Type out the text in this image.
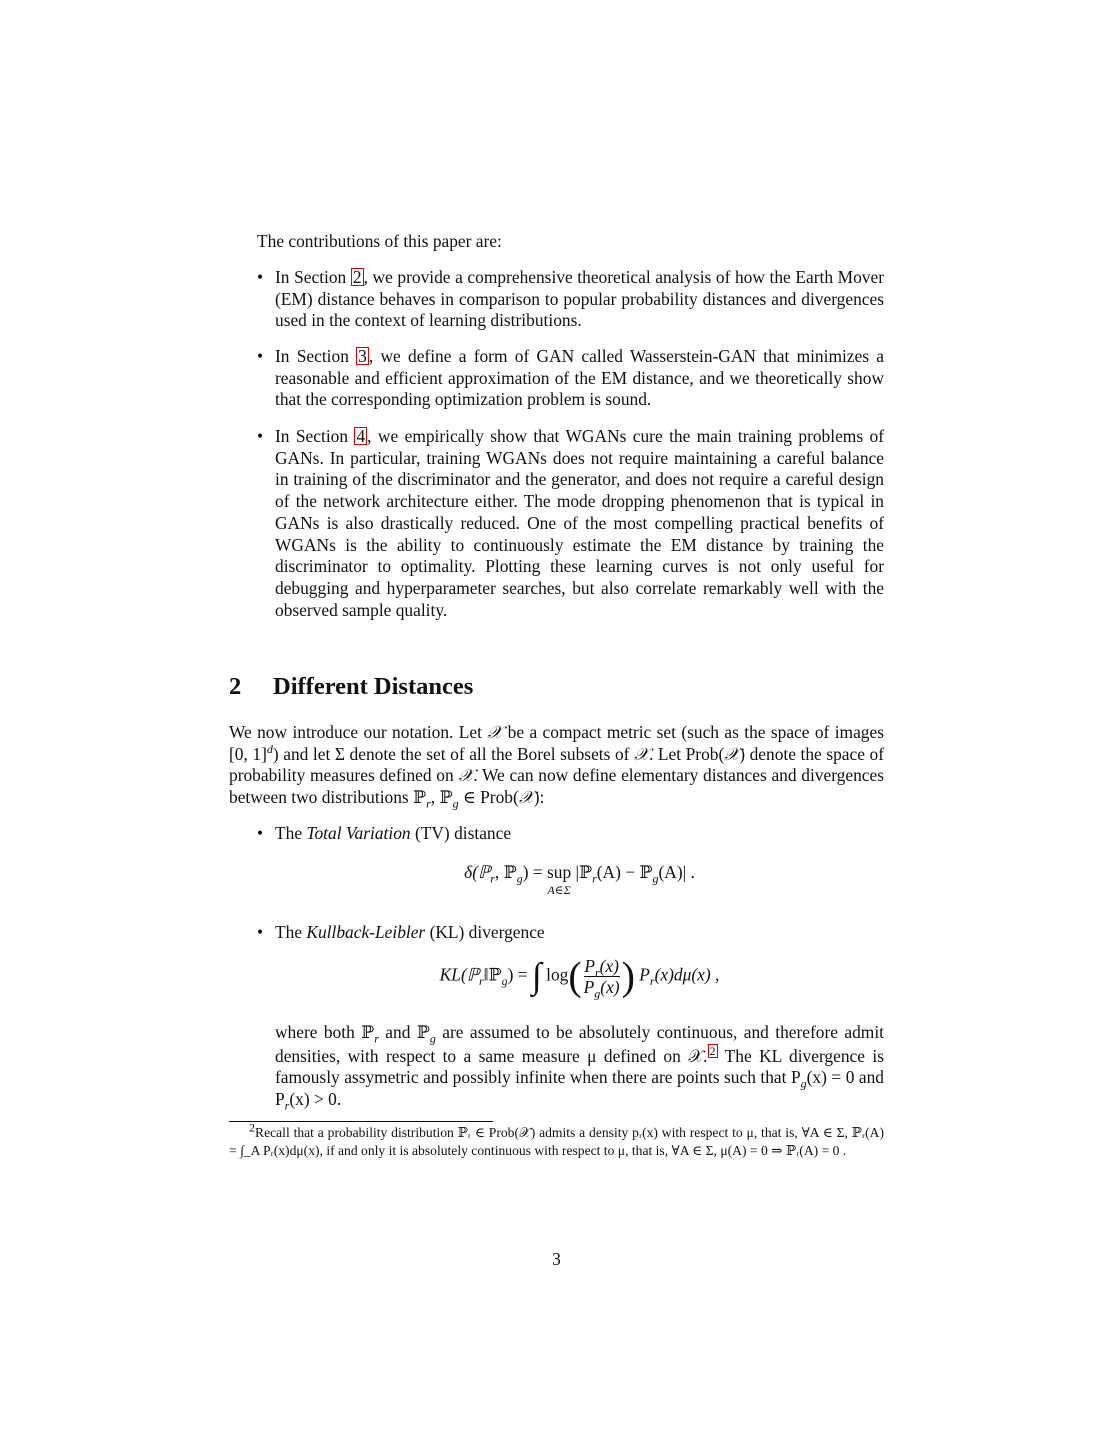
The contributions of this paper are:
• In Section 2 , we provide a comprehensive theoretical analysis of how the Earth Mover (EM) distance behaves in comparison to popular probability distances and divergences used in the context of learning distributions.
• In Section 3 , we define a form of GAN called Wasserstein-GAN that minimizes a reasonable and efficient approximation of the EM distance, and we theoretically show that the corresponding optimization problem is sound.
• In Section 4 , we empirically show that WGANs cure the main training problems of GANs. In particular, training WGANs does not require maintaining a careful balance in training of the discriminator and the generator, and does not require a careful design of the network architecture either. The mode dropping phenomenon that is typical in GANs is also drastically reduced. One of the most compelling practical benefits of WGANs is the ability to continuously estimate the EM distance by training the discriminator to optimality. Plotting these learning curves is not only useful for debugging and hyperparameter searches, but also correlate remarkably well with the observed sample quality.
2 Different Distances
We now introduce our notation. Let 𝒳 be a compact metric set (such as the space of images [0, 1]$^d$) and let Σ denote the set of all the Borel subsets of 𝒳. Let Prob(𝒳) denote the space of probability measures defined on 𝒳. We can now define elementary distances and divergences between two distributions ℙ$_r$, ℙ$_g$ ∈ Prob(𝒳):
• The Total Variation (TV) distance
δ(ℙ$_r$, ℙ$_g$) = sup
A∈Σ
|ℙ$_r$(A) − ℙ$_g$(A)| .
• The Kullback-Leibler (KL) divergence
KL(ℙ$_r$‖ℙ$_g$) = ∫ $\log( \frac{P_r(x)}{P_g(x)}$ ) $P_r(x)d\mu(x)$ ,
where both ℙ$_r$ and ℙ$_g$ are assumed to be absolutely continuous, and therefore admit densities, with respect to a same measure μ defined on 𝒳. 2 The KL divergence is famously assymetric and possibly infinite when there are points such that $P_g(x) = 0$ and $P_r(x) > 0$.
$^2$Recall that a probability distribution ℙᵣ ∈ Prob(𝒳) admits a density pᵣ(x) with respect to μ, that is, ∀A ∈ Σ, ℙᵣ(A) = ∫_A Pᵣ(x)dμ(x), if and only it is absolutely continuous with respect to μ, that is, ∀A ∈ Σ, μ(A) = 0 ⇒ ℙᵣ(A) = 0 .
3
